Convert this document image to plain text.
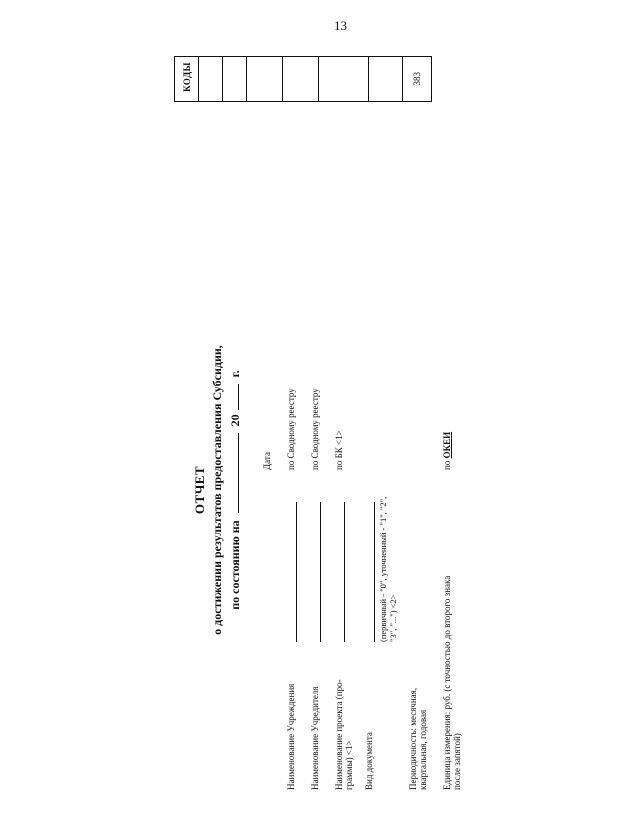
13
КОДЫ	383
ОТЧЕТ о достижении результатов предоставления Субсидии, по состоянию на  20 г.
Дата
Наименование Учреждения
по Сводному реестру
Наименование Учредителя
по Сводному реестру
Наименование проекта (про-граммы) <1>
по БК <1>
Вид документа
(первичный - "0", уточненный - "1", "2", "3", "...") <2>
Периодичность: месячная, квартальная, годовая Единица измерения: руб. (с точностью до второго знака после запятой)
по ОКЕИ
